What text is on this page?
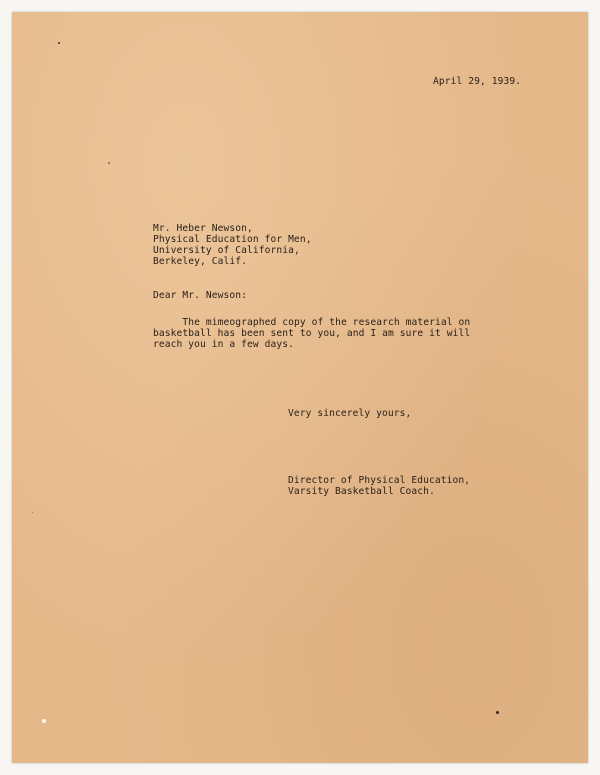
April 29, 1939.
Mr. Heber Newson,
Physical Education for Men,
University of California,
Berkeley, Calif.
Dear Mr. Newson:
The mimeographed copy of the research material on
basketball has been sent to you, and I am sure it will
reach you in a few days.
Very sincerely yours,
Director of Physical Education,
Varsity Basketball Coach.
